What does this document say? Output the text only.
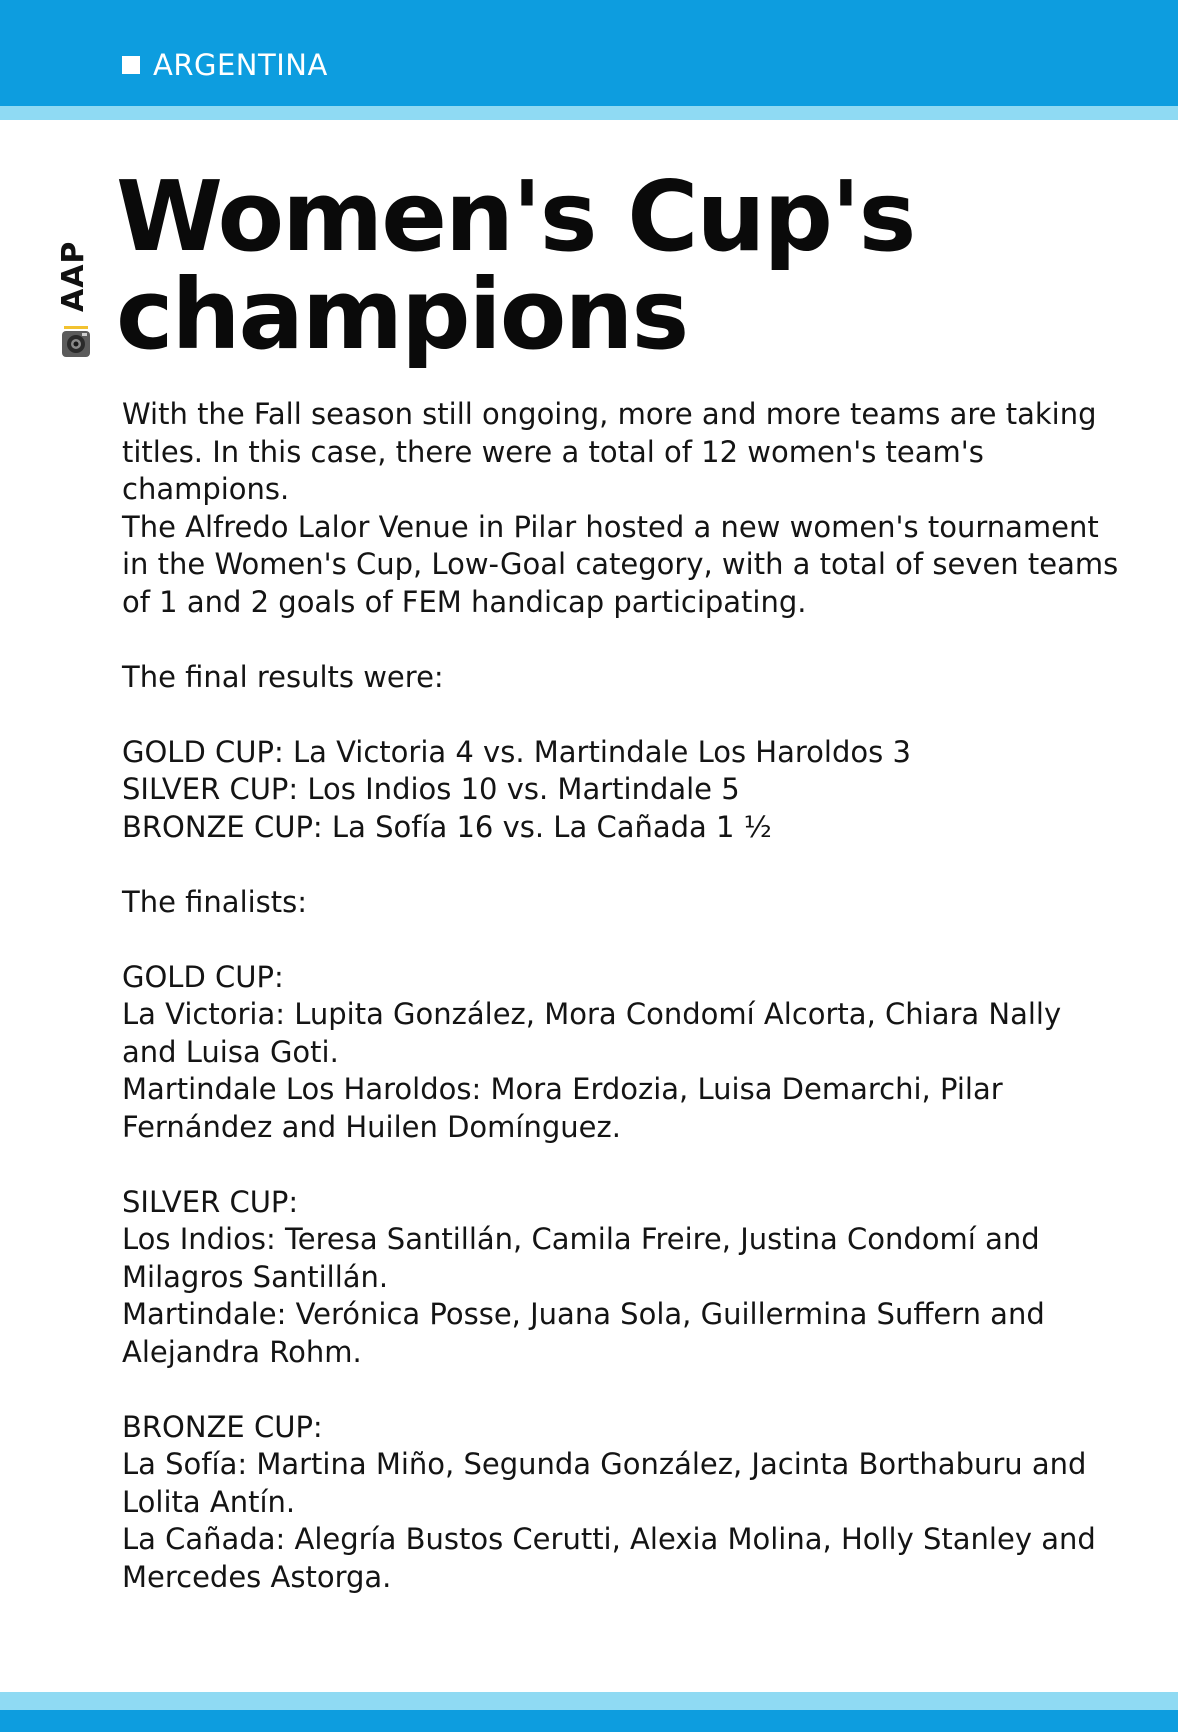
ARGENTINA
AAP
Women's Cup's
champions

With the Fall season still ongoing, more and more teams are taking titles. In this case, there were a total of 12 women's team's champions.

The Alfredo Lalor Venue in Pilar hosted a new women's tournament in the Women's Cup, Low-Goal category, with a total of seven teams of 1 and 2 goals of FEM handicap participating.

The final results were:

GOLD CUP: La Victoria 4 vs. Martindale Los Haroldos 3

SILVER CUP: Los Indios 10 vs. Martindale 5

BRONZE CUP: La Sofía 16 vs. La Cañada 1 ½

The finalists:

GOLD CUP:

La Victoria: Lupita González, Mora Condomí Alcorta, Chiara Nally and Luisa Goti.

Martindale Los Haroldos: Mora Erdozia, Luisa Demarchi, Pilar Fernández and Huilen Domínguez.

SILVER CUP:

Los Indios: Teresa Santillán, Camila Freire, Justina Condomí and Milagros Santillán.

Martindale: Verónica Posse, Juana Sola, Guillermina Suffern and Alejandra Rohm.

BRONZE CUP:

La Sofía: Martina Miño, Segunda González, Jacinta Borthaburu and Lolita Antín.

La Cañada: Alegría Bustos Cerutti, Alexia Molina, Holly Stanley and Mercedes Astorga.
